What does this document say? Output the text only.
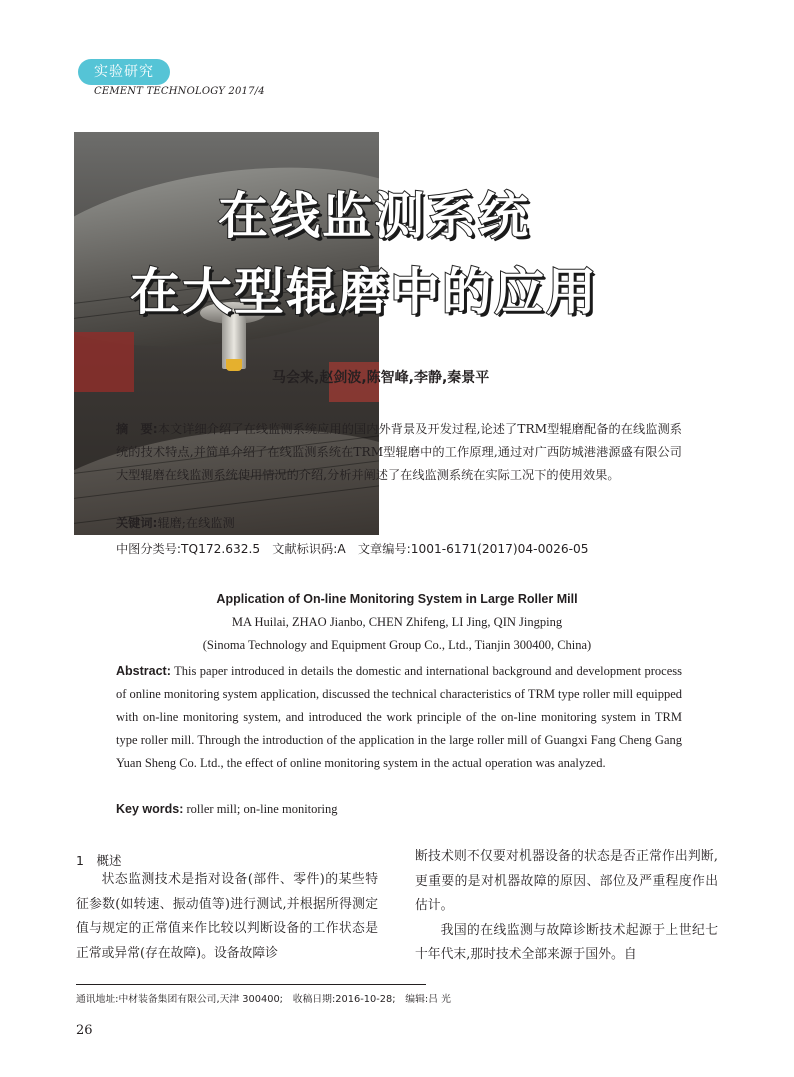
实验研究
CEMENT TECHNOLOGY 2017/4
在线监测系统
在大型辊磨中的应用
马会来,赵剑波,陈智峰,李静,秦景平
摘　要:本文详细介绍了在线监测系统应用的国内外背景及开发过程,论述了TRM型辊磨配备的在线监测系统的技术特点,并简单介绍了在线监测系统在TRM型辊磨中的工作原理,通过对广西防城港港源盛有限公司大型辊磨在线监测系统使用情况的介绍,分析并阐述了在线监测系统在实际工况下的使用效果。
关键词:辊磨;在线监测
中图分类号:TQ172.632.5　文献标识码:A　文章编号:1001-6171(2017)04-0026-05
Application of On-line Monitoring System in Large Roller Mill
MA Huilai, ZHAO Jianbo, CHEN Zhifeng, LI Jing, QIN Jingping
(Sinoma Technology and Equipment Group Co., Ltd., Tianjin 300400, China)
Abstract: This paper introduced in details the domestic and international background and development process of online monitoring system application, discussed the technical characteristics of TRM type roller mill equipped with on-line monitoring system, and introduced the work principle of the on-line monitoring system in TRM type roller mill. Through the introduction of the application in the large roller mill of Guangxi Fang Cheng Gang Yuan Sheng Co. Ltd., the effect of online monitoring system in the actual operation was analyzed.
Key words: roller mill; on-line monitoring
1　概述
状态监测技术是指对设备(部件、零件)的某些特征参数(如转速、振动值等)进行测试,并根据所得测定值与规定的正常值来作比较以判断设备的工作状态是正常或异常(存在故障)。设备故障诊

断技术则不仅要对机器设备的状态是否正常作出判断,更重要的是对机器故障的原因、部位及严重程度作出估计。

我国的在线监测与故障诊断技术起源于上世纪七十年代末,那时技术全部来源于国外。自

通讯地址:中材装备集团有限公司,天津 300400;　收稿日期:2016-10-28;　编辑:吕 光
26
